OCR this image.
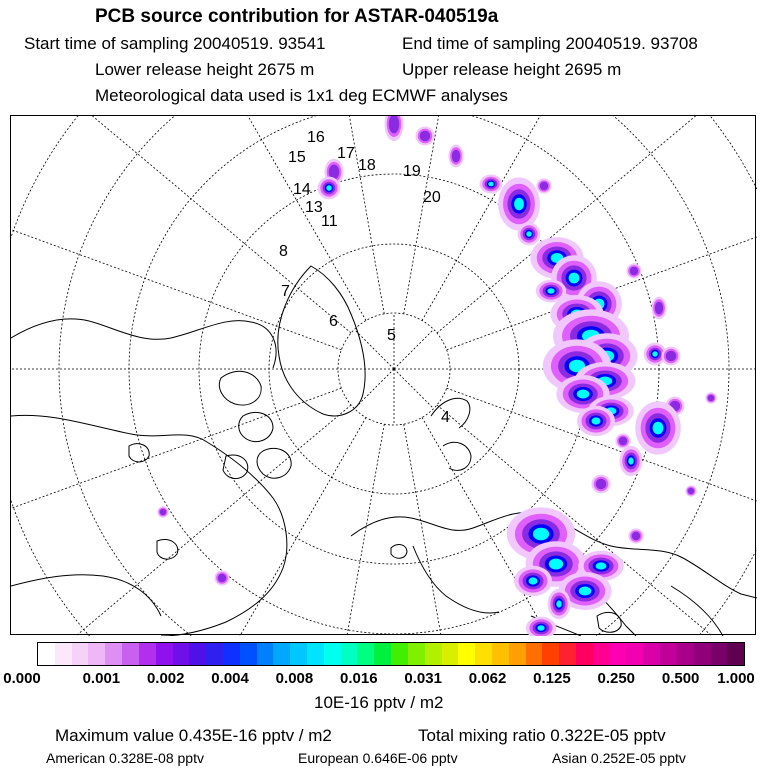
PCB source contribution for ASTAR-040519a
Start time of sampling 20040519. 93541	End time of sampling 20040519. 93708
Lower release height 2675 m	Upper release height 2695 m
Meteorological data used is 1x1 deg ECMWF analyses
16
15 17
18 19
14	20
13
11
8
7
6
5
4
0.000	0.001 0.002 0.004 0.008 0.016 0.031 0.062 0.125 0.250 0.500 1.000
10E-16 pptv / m2
Maximum value 0.435E-16 pptv / m2	Total mixing ratio 0.322E-05 pptv
American 0.328E-08 pptv	European 0.646E-06 pptv	Asian 0.252E-05 pptv
